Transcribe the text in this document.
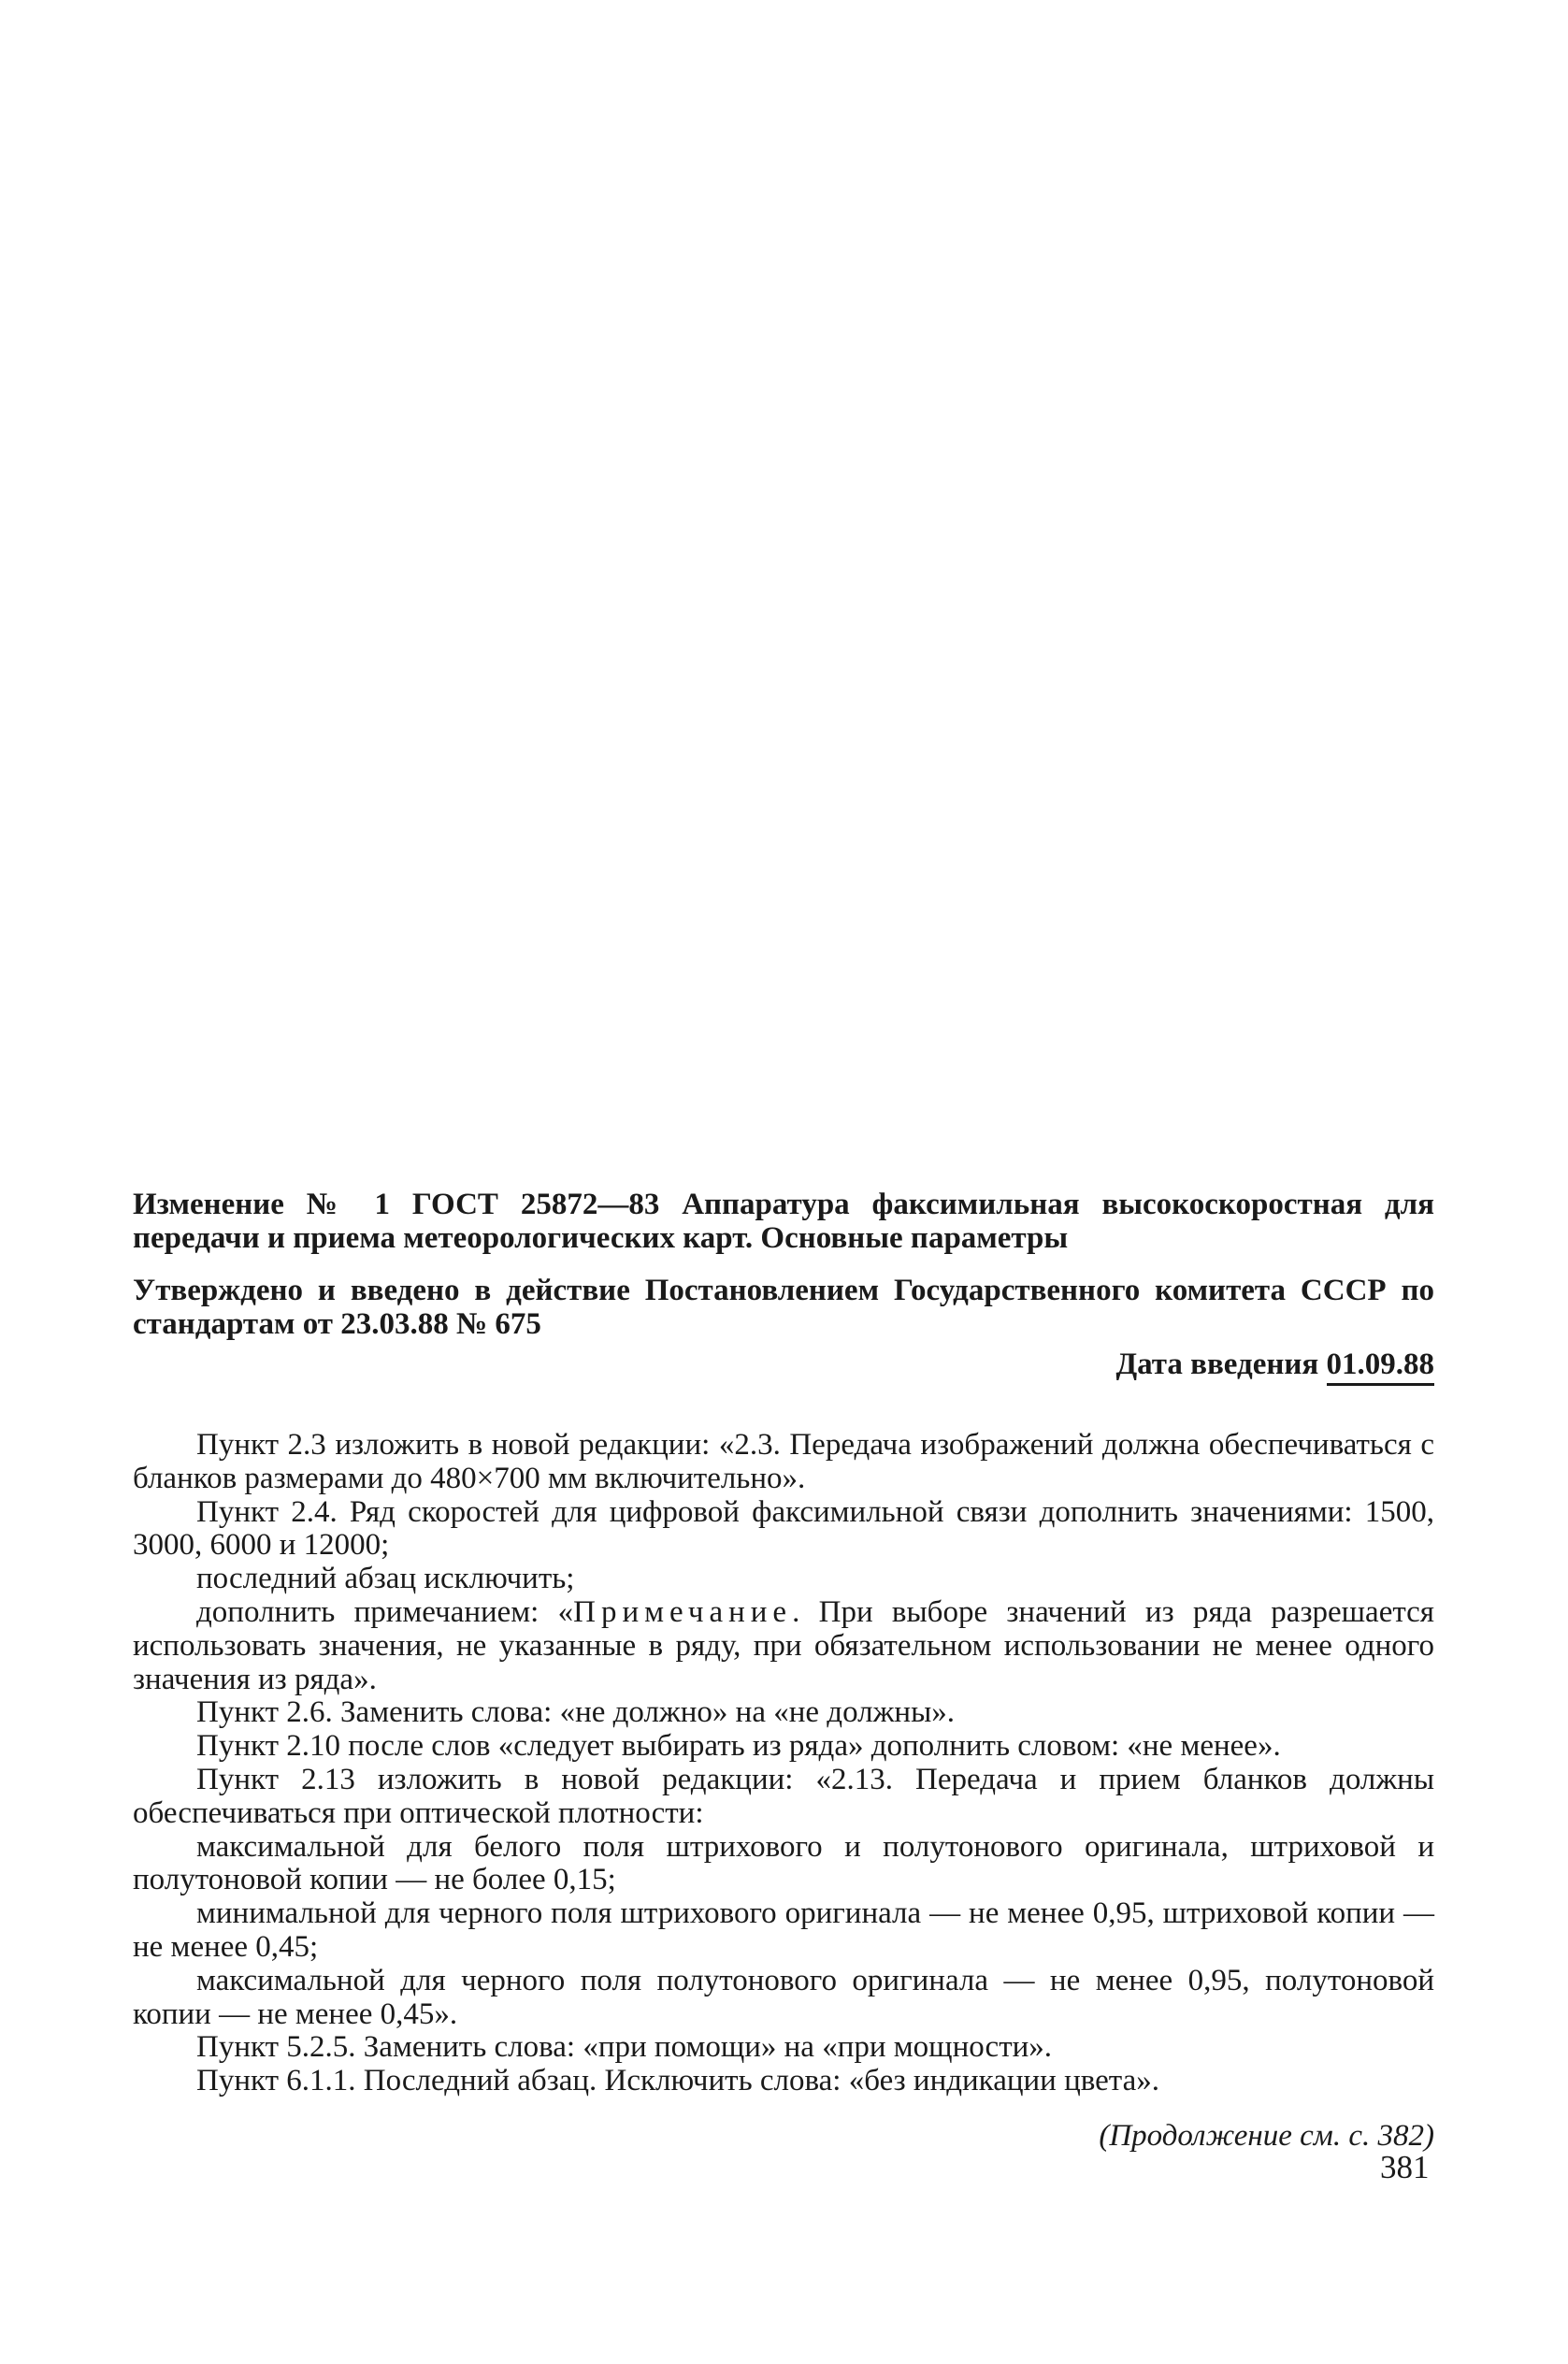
Изменение № 1 ГОСТ 25872—83 Аппаратура факсимильная высокоскоростная для передачи и приема метеорологических карт. Основные параметры

Утверждено и введено в действие Постановлением Государственного комитета СССР по стандартам от 23.03.88 № 675

Дата введения 01.09.88

Пункт 2.3 изложить в новой редакции: «2.3. Передача изображений должна обеспечиваться с бланков размерами до 480×700 мм включительно».

Пункт 2.4. Ряд скоростей для цифровой факсимильной связи дополнить значениями: 1500, 3000, 6000 и 12000;

последний абзац исключить;

дополнить примечанием: «Примечание. При выборе значений из ряда разрешается использовать значения, не указанные в ряду, при обязательном использовании не менее одного значения из ряда».

Пункт 2.6. Заменить слова: «не должно» на «не должны».

Пункт 2.10 после слов «следует выбирать из ряда» дополнить словом: «не менее».

Пункт 2.13 изложить в новой редакции: «2.13. Передача и прием бланков должны обеспечиваться при оптической плотности:

максимальной для белого поля штрихового и полутонового оригинала, штриховой и полутоновой копии — не более 0,15;

минимальной для черного поля штрихового оригинала — не менее 0,95, штриховой копии — не менее 0,45;

максимальной для черного поля полутонового оригинала — не менее 0,95, полутоновой копии — не менее 0,45».

Пункт 5.2.5. Заменить слова: «при помощи» на «при мощности».

Пункт 6.1.1. Последний абзац. Исключить слова: «без индикации цвета».

(Продолжение см. с. 382)

381
